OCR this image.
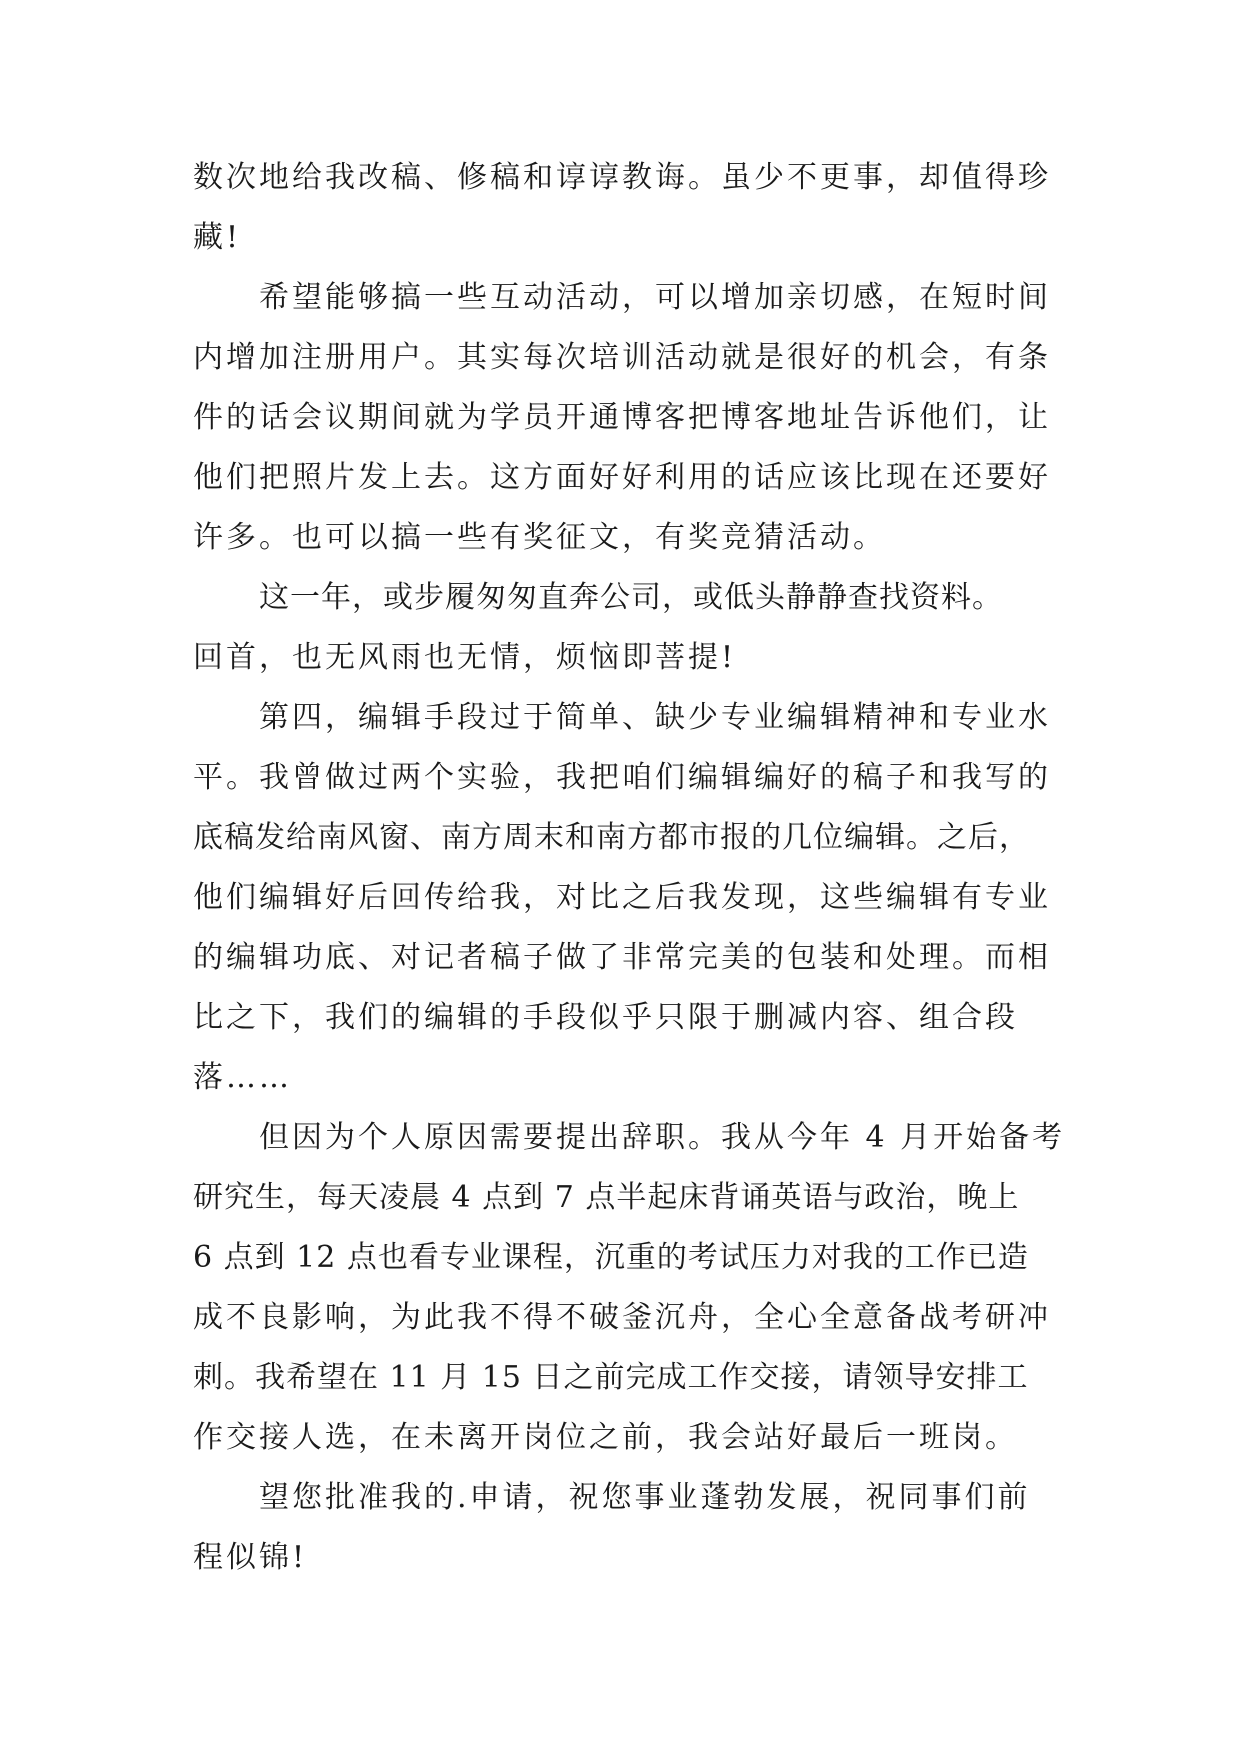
数次地给我改稿、修稿和谆谆教诲。虽少不更事，却值得珍
藏!

希望能够搞一些互动活动，可以增加亲切感，在短时间
内增加注册用户。其实每次培训活动就是很好的机会，有条
件的话会议期间就为学员开通博客把博客地址告诉他们，让
他们把照片发上去。这方面好好利用的话应该比现在还要好
许多。也可以搞一些有奖征文，有奖竞猜活动。

这一年，或步履匆匆直奔公司，或低头静静查找资料。
回首，也无风雨也无情，烦恼即菩提!

第四，编辑手段过于简单、缺少专业编辑精神和专业水
平。我曾做过两个实验，我把咱们编辑编好的稿子和我写的
底稿发给南风窗、南方周末和南方都市报的几位编辑。之后，
他们编辑好后回传给我，对比之后我发现，这些编辑有专业
的编辑功底、对记者稿子做了非常完美的包装和处理。而相
比之下，我们的编辑的手段似乎只限于删减内容、组合段
落……

但因为个人原因需要提出辞职。我从今年 4 月开始备考
研究生，每天凌晨 4 点到 7 点半起床背诵英语与政治，晚上
6 点到 12 点也看专业课程，沉重的考试压力对我的工作已造
成不良影响，为此我不得不破釜沉舟，全心全意备战考研冲
刺。我希望在 11 月 15 日之前完成工作交接，请领导安排工
作交接人选，在未离开岗位之前，我会站好最后一班岗。

望您批准我的.申请，祝您事业蓬勃发展，祝同事们前
程似锦!
